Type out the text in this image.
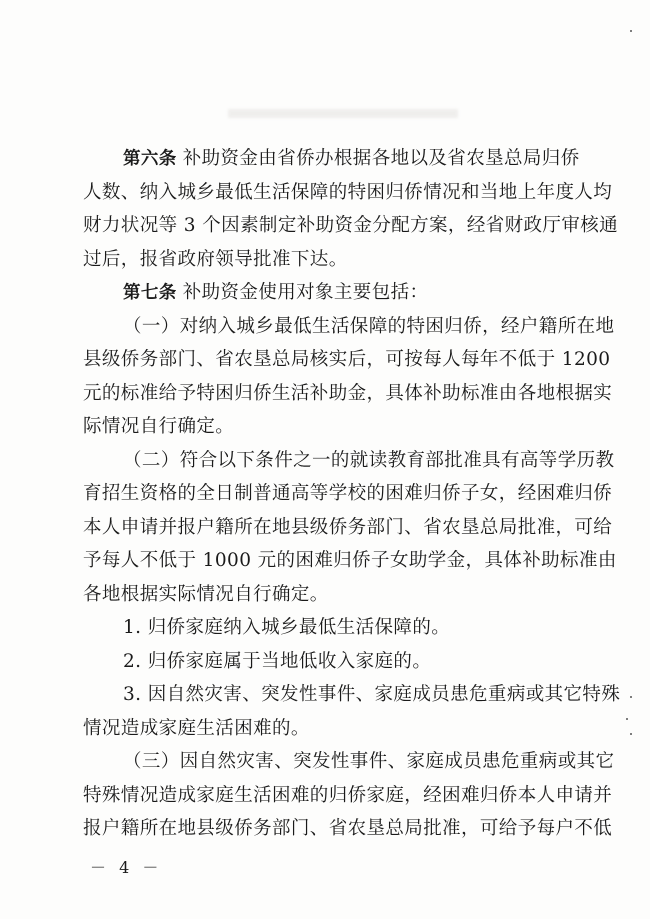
第六条 补助资金由省侨办根据各地以及省农垦总局归侨
人数、纳入城乡最低生活保障的特困归侨情况和当地上年度人均
财力状况等 3 个因素制定补助资金分配方案，经省财政厅审核通
过后，报省政府领导批准下达。
第七条 补助资金使用对象主要包括：
（一）对纳入城乡最低生活保障的特困归侨，经户籍所在地
县级侨务部门、省农垦总局核实后，可按每人每年不低于 1200
元的标准给予特困归侨生活补助金，具体补助标准由各地根据实
际情况自行确定。
（二）符合以下条件之一的就读教育部批准具有高等学历教
育招生资格的全日制普通高等学校的困难归侨子女，经困难归侨
本人申请并报户籍所在地县级侨务部门、省农垦总局批准，可给
予每人不低于 1000 元的困难归侨子女助学金，具体补助标准由
各地根据实际情况自行确定。
1. 归侨家庭纳入城乡最低生活保障的。
2. 归侨家庭属于当地低收入家庭的。
3. 因自然灾害、突发性事件、家庭成员患危重病或其它特殊
情况造成家庭生活困难的。
（三）因自然灾害、突发性事件、家庭成员患危重病或其它
特殊情况造成家庭生活困难的归侨家庭，经困难归侨本人申请并
报户籍所在地县级侨务部门、省农垦总局批准，可给予每户不低
－ 4 －
